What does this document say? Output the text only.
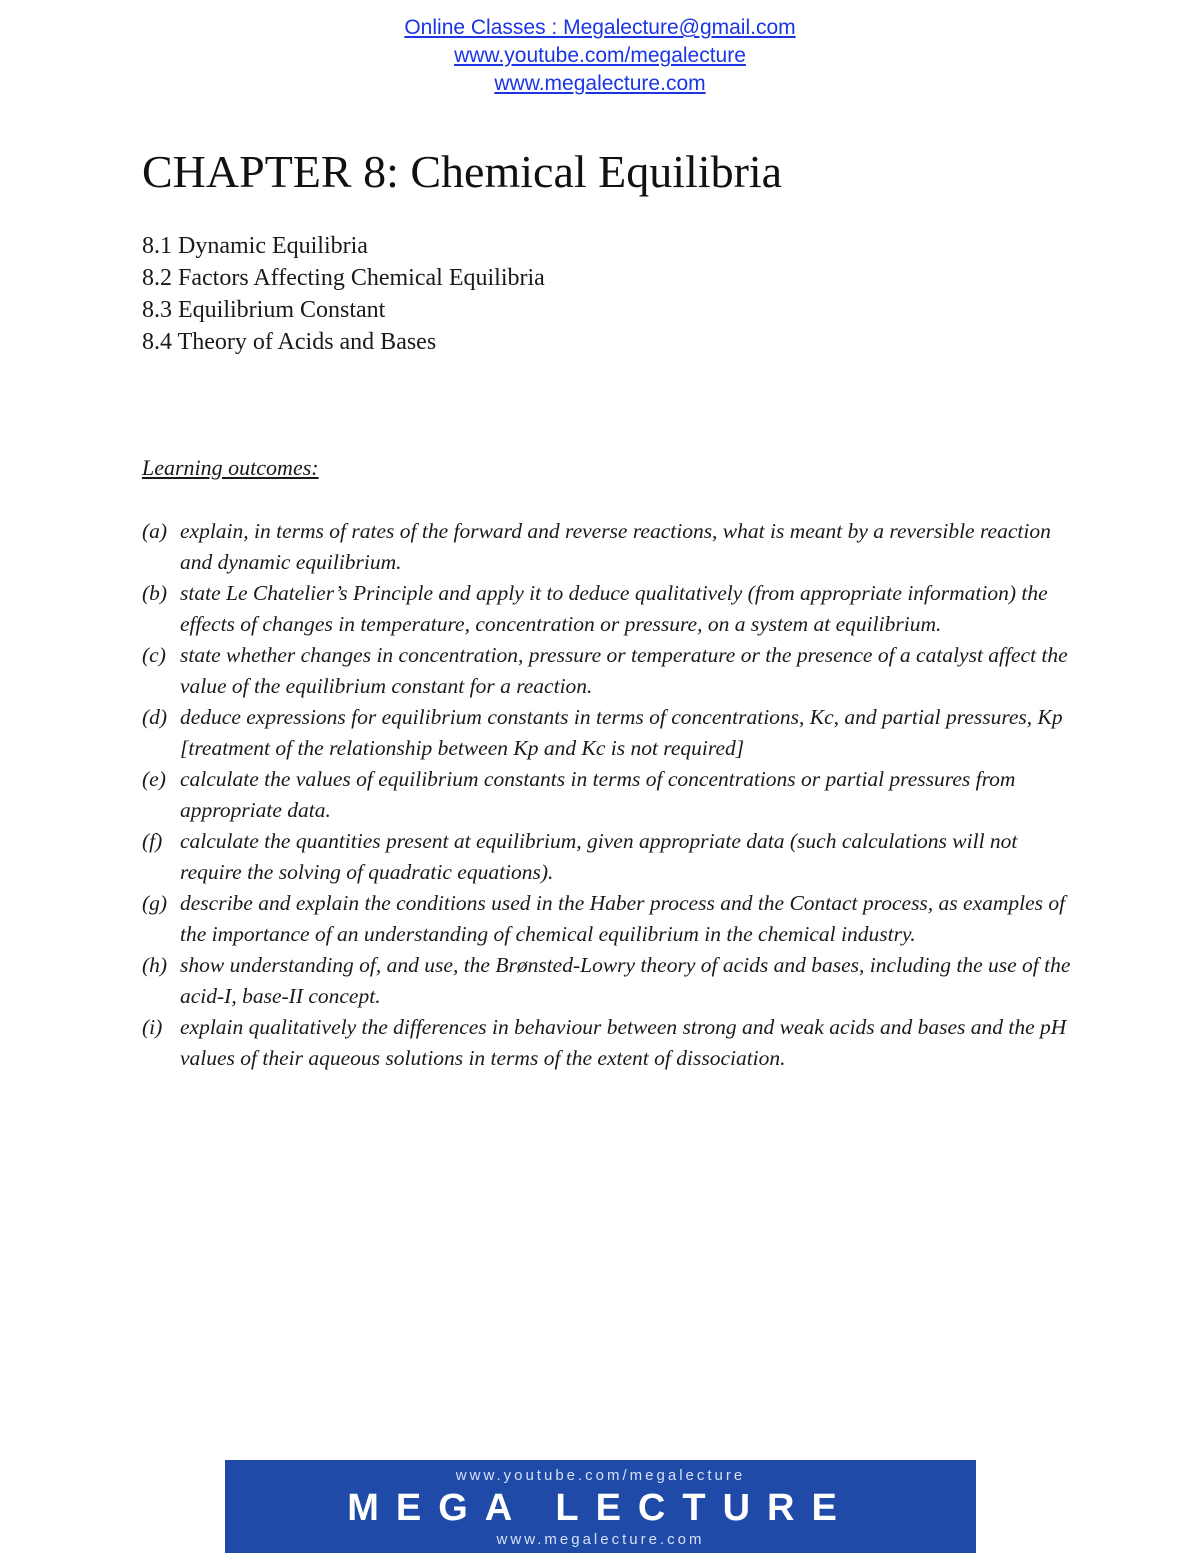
Online Classes : Megalecture@gmail.com
www.youtube.com/megalecture
www.megalecture.com
CHAPTER 8: Chemical Equilibria
8.1 Dynamic Equilibria
8.2 Factors Affecting Chemical Equilibria
8.3 Equilibrium Constant
8.4 Theory of Acids and Bases

Learning outcomes:

(a) explain, in terms of rates of the forward and reverse reactions, what is meant by a reversible reaction and dynamic equilibrium.
(b) state Le Chatelier’s Principle and apply it to deduce qualitatively (from appropriate information) the effects of changes in temperature, concentration or pressure, on a system at equilibrium.
(c) state whether changes in concentration, pressure or temperature or the presence of a catalyst affect the value of the equilibrium constant for a reaction.
(d) deduce expressions for equilibrium constants in terms of concentrations, Kc, and partial pressures, Kp [treatment of the relationship between Kp and Kc is not required]
(e) calculate the values of equilibrium constants in terms of concentrations or partial pressures from appropriate data.
(f) calculate the quantities present at equilibrium, given appropriate data (such calculations will not require the solving of quadratic equations).
(g) describe and explain the conditions used in the Haber process and the Contact process, as examples of the importance of an understanding of chemical equilibrium in the chemical industry.
(h) show understanding of, and use, the Brønsted-Lowry theory of acids and bases, including the use of the acid-I, base-II concept.
(i) explain qualitatively the differences in behaviour between strong and weak acids and bases and the pH values of their aqueous solutions in terms of the extent of dissociation.
www.youtube.com/megalecture
MEGA LECTURE
www.megalecture.com
